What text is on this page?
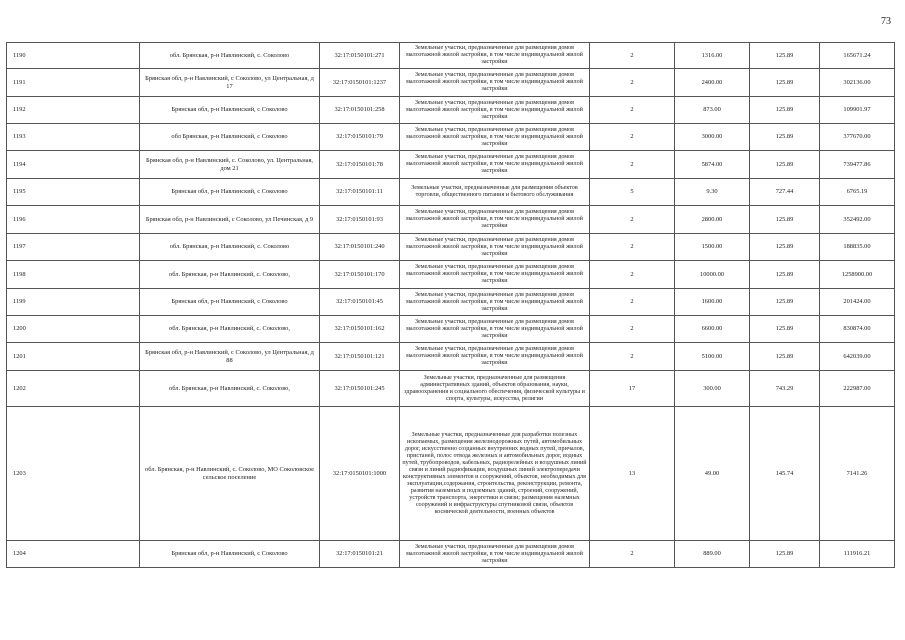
73
1190	обл. Брянская, р-н Навлинский, с. Соколово	32:17:0150101:271	Земельные участки, предназначенные для размещения домов малоэтажной жилой застройки, в том числе индивидуальной жилой застройки	2	1316.00	125.89	165671.24
1191	Брянская обл, р-н Навлинский, с Соколово, ул Центральная, д 17	32:17:0150101:1237	Земельные участки, предназначенные для размещения домов малоэтажной жилой застройки, в том числе индивидуальной жилой застройки	2	2400.00	125.89	302136.00
1192	Брянская обл, р-н Навлинский, с Соколово	32:17:0150101:258	Земельные участки, предназначенные для размещения домов малоэтажной жилой застройки, в том числе индивидуальной жилой застройки	2	873.00	125.89	109901.97
1193	обл Брянская, р-н Навлинский, с Соколово	32:17:0150101:79	Земельные участки, предназначенные для размещения домов малоэтажной жилой застройки, в том числе индивидуальной жилой застройки	2	3000.00	125.89	377670.00
1194	Брянская обл, р-н Навлинский, с. Соколово, ул. Центральная, дом 21	32:17:0150101:78	Земельные участки, предназначенные для размещения домов малоэтажной жилой застройки, в том числе индивидуальной жилой застройки	2	5874.00	125.89	739477.86
1195	Брянская обл, р-н Навлинский, с Соколово	32:17:0150101:11	Земельные участки, предназначенные для размещения объектов торговли, общественного питания и бытового обслуживания	5	9.30	727.44	6765.19
1196	Брянская обл, р-н Навлинский, с Соколово, ул Печинская, д 9	32:17:0150101:93	Земельные участки, предназначенные для размещения домов малоэтажной жилой застройки, в том числе индивидуальной жилой застройки	2	2800.00	125.89	352492.00
1197	обл. Брянская, р-н Навлинский, с. Соколово	32:17:0150101:240	Земельные участки, предназначенные для размещения домов малоэтажной жилой застройки, в том числе индивидуальной жилой застройки	2	1500.00	125.89	188835.00
1198	обл. Брянская, р-н Навлинский, с. Соколово,	32:17:0150101:170	Земельные участки, предназначенные для размещения домов малоэтажной жилой застройки, в том числе индивидуальной жилой застройки	2	10000.00	125.89	1258900.00
1199	Брянская обл, р-н Навлинский, с Соколово	32:17:0150101:45	Земельные участки, предназначенные для размещения домов малоэтажной жилой застройки, в том числе индивидуальной жилой застройки	2	1600.00	125.89	201424.00
1200	обл. Брянская, р-н Навлинский, с. Соколово,	32:17:0150101:162	Земельные участки, предназначенные для размещения домов малоэтажной жилой застройки, в том числе индивидуальной жилой застройки	2	6600.00	125.89	830874.00
1201	Брянская обл, р-н Навлинский, с Соколово, ул Центральная, д 88	32:17:0150101:121	Земельные участки, предназначенные для размещения домов малоэтажной жилой застройки, в том числе индивидуальной жилой застройки	2	5100.00	125.89	642039.00
1202	обл. Брянская, р-н Навлинский, с. Соколово,	32:17:0150101:245	Земельные участки, предназначенные для размещения административных зданий, объектов образования, науки, здравоохранения и социального обеспечения, физической культуры и спорта, культуры, искусства, религии	17	300.00	743.29	222987.00
1203	обл. Брянская, р-н Навлинский, с. Соколово, МО Соколовское сельское поселение	32:17:0150101:1000	Земельные участки, предназначенные для разработки полезных ископаемых, размещения железнодорожных путей, автомобильных дорог, искусственно созданных внутренних водных путей, причалов, пристаней, полос отвода железных и автомобильных дорог, водных путей, трубопроводов, кабельных, радиорелейных и воздушных линий связи и линий радиофикации, воздушных линий электропередачи конструктивных элементов и сооружений, объектов, необходимых для эксплуатации,содержания, строительства, реконструкции, ремонта, развития наземных и подземных зданий, строений, сооружений, устройств транспорта, энергетики и связи; размещения наземных сооружений и инфраструктуры спутниковой связи, объектов космической деятельности, военных объектов	13	49.00	145.74	7141.26
1204	Брянская обл, р-н Навлинский, с Соколово	32:17:0150101:21	Земельные участки, предназначенные для размещения домов малоэтажной жилой застройки, в том числе индивидуальной жилой застройки	2	889.00	125.89	111916.21
